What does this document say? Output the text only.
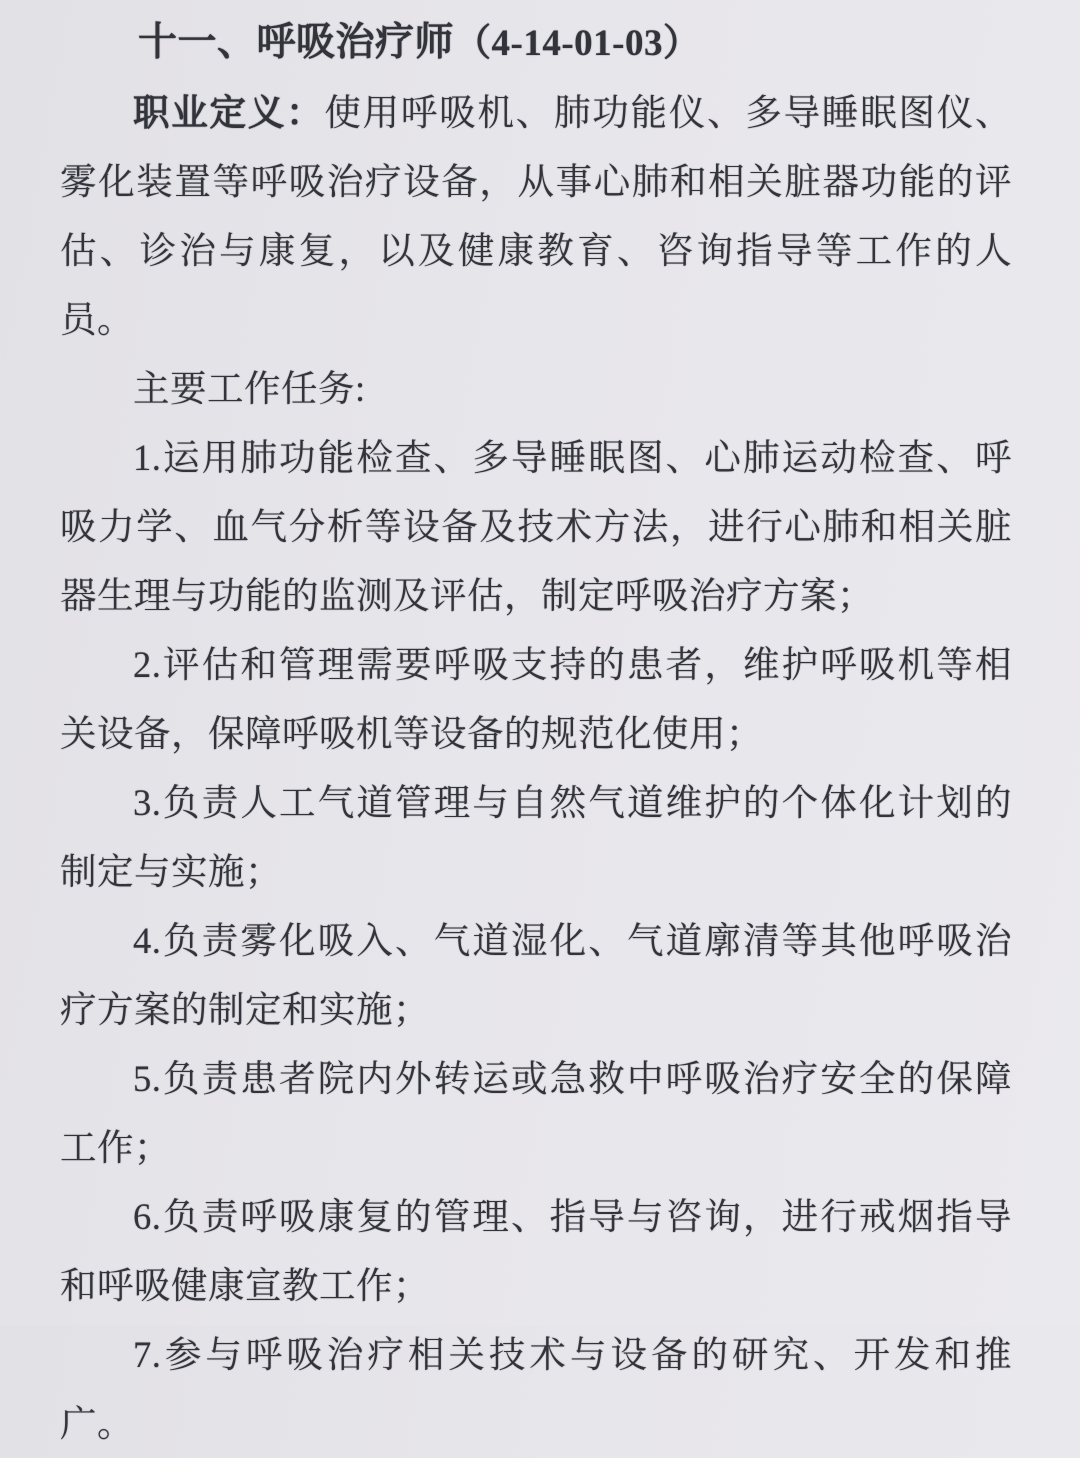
十一、呼吸治疗师（4-14-01-03）

职业定义：使用呼吸机、肺功能仪、多导睡眠图仪、雾化装置等呼吸治疗设备，从事心肺和相关脏器功能的评估、诊治与康复，以及健康教育、咨询指导等工作的人员。

主要工作任务:

1.运用肺功能检查、多导睡眠图、心肺运动检查、呼吸力学、血气分析等设备及技术方法，进行心肺和相关脏器生理与功能的监测及评估，制定呼吸治疗方案；

2.评估和管理需要呼吸支持的患者，维护呼吸机等相关设备，保障呼吸机等设备的规范化使用；

3.负责人工气道管理与自然气道维护的个体化计划的制定与实施；

4.负责雾化吸入、气道湿化、气道廓清等其他呼吸治疗方案的制定和实施；

5.负责患者院内外转运或急救中呼吸治疗安全的保障工作；

6.负责呼吸康复的管理、指导与咨询，进行戒烟指导和呼吸健康宣教工作；

7.参与呼吸治疗相关技术与设备的研究、开发和推广。
